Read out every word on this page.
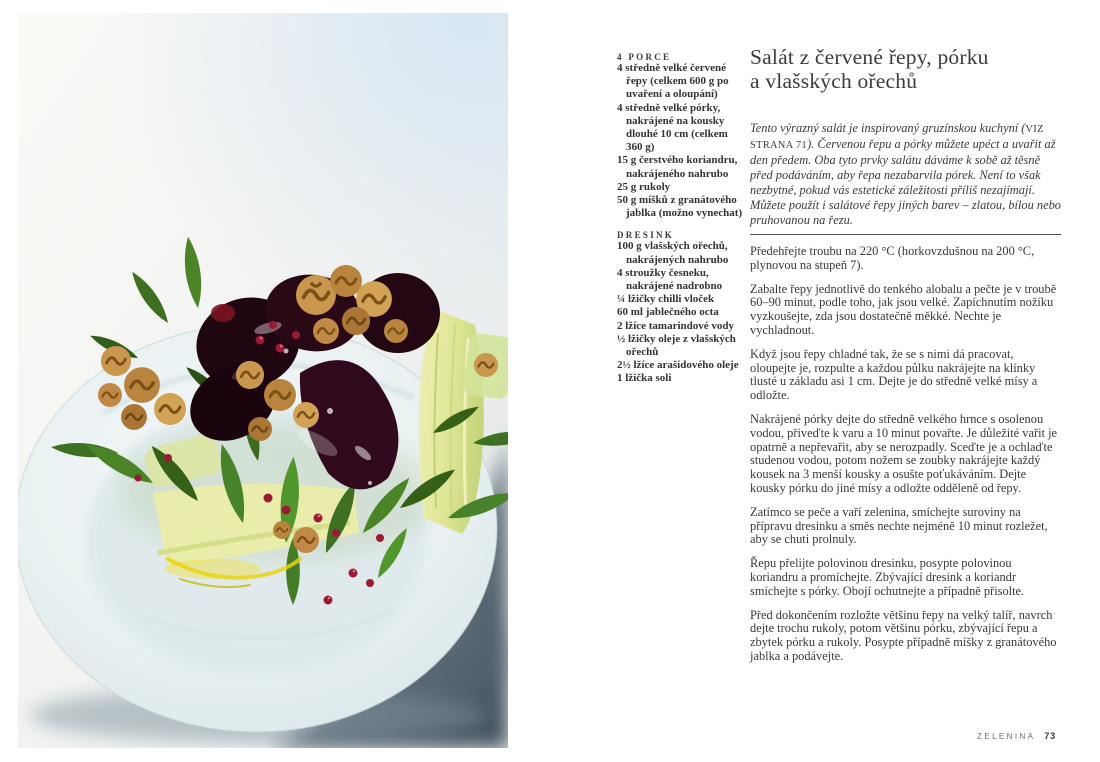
4 PORCE
4 středně velké červené řepy (celkem 600 g po uvaření a oloupání)
4 středně velké pórky, nakrájené na kousky dlouhé 10 cm (celkem 360 g)
15 g čerstvého koriandru, nakrájeného nahrubo
25 g rukoly
50 g míšků z granátového jablka (možno vynechat)
DRESINK
100 g vlašských ořechů, nakrájených nahrubo
4 stroužky česneku, nakrájené nadrobno
¼ lžičky chilli vloček
60 ml jablečného octa
2 lžíce tamarindové vody
½ lžičky oleje z vlašských ořechů
2½ lžíce arašídového oleje
1 lžička soli
Salát z červené řepy, pórku
a vlašských ořechů

Tento výrazný salát je inspirovaný gruzínskou kuchyní (VIZ STRANA 71). Červenou řepu a pórky můžete upéct a uvařit až den předem. Oba tyto prvky salátu dáváme k sobě až těsně před podáváním, aby řepa nezabarvila pórek. Není to však nezbytné, pokud vás estetické záležitosti příliš nezajímají. Můžete použít i salátové řepy jiných barev – zlatou, bílou nebo pruhovanou na řezu.

Předehřejte troubu na 220 °C (horkovzdušnou na 200 °C, plynovou na stupeň 7).

Zabalte řepy jednotlivě do tenkého alobalu a pečte je v troubě 60–90 minut, podle toho, jak jsou velké. Zapíchnutím nožíku vyzkoušejte, zda jsou dostatečně měkké. Nechte je vychladnout.

Když jsou řepy chladné tak, že se s nimi dá pracovat, oloupejte je, rozpulte a každou půlku nakrájejte na klínky tlusté u základu asi 1 cm. Dejte je do středně velké mísy a odložte.

Nakrájené pórky dejte do středně velkého hrnce s osolenou vodou, přiveďte k varu a 10 minut povařte. Je důležité vařit je opatrně a nepřevařit, aby se nerozpadly. Sceďte je a ochlaďte studenou vodou, potom nožem se zoubky nakrájejte každý kousek na 3 menší kousky a osušte poťukáváním. Dejte kousky pórku do jiné mísy a odložte odděleně od řepy.

Zatímco se peče a vaří zelenina, smíchejte suroviny na přípravu dresinku a směs nechte nejméně 10 minut rozležet, aby se chuti prolnuly.

Řepu přelijte polovinou dresinku, posypte polovinou koriandru a promíchejte. Zbývající dresink a koriandr smíchejte s pórky. Obojí ochutnejte a případně přisolte.

Před dokončením rozložte většinu řepy na velký talíř, navrch dejte trochu rukoly, potom většinu pórku, zbývající řepu a zbytek pórku a rukoly. Posypte případně míšky z granátového jablka a podávejte.

ZELENINA 73
